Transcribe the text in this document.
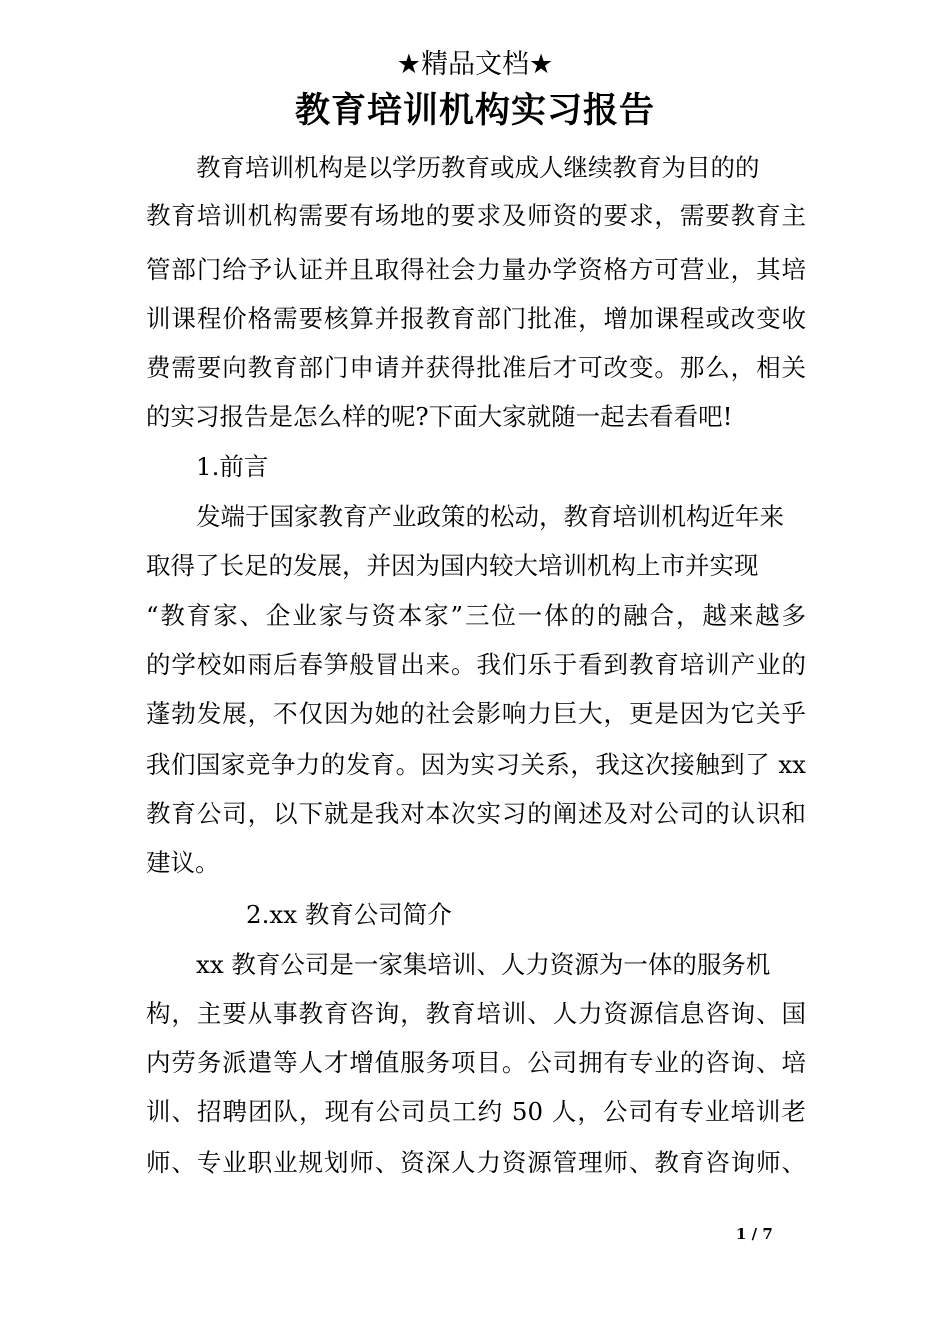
★精品文档★
教育培训机构实习报告
教育培训机构是以学历教育或成人继续教育为目的的
教育培训机构需要有场地的要求及师资的要求，需要教育主
管部门给予认证并且取得社会力量办学资格方可营业，其培
训课程价格需要核算并报教育部门批准，增加课程或改变收
费需要向教育部门申请并获得批准后才可改变。那么，相关
的实习报告是怎么样的呢?下面大家就随一起去看看吧!
1.前言
发端于国家教育产业政策的松动，教育培训机构近年来
取得了长足的发展，并因为国内较大培训机构上市并实现
“教育家、企业家与资本家”三位一体的的融合，越来越多
的学校如雨后春笋般冒出来。我们乐于看到教育培训产业的
蓬勃发展，不仅因为她的社会影响力巨大，更是因为它关乎
我们国家竞争力的发育。因为实习关系，我这次接触到了 xx
教育公司，以下就是我对本次实习的阐述及对公司的认识和
建议。
2.xx 教育公司简介
xx 教育公司是一家集培训、人力资源为一体的服务机
构，主要从事教育咨询，教育培训、人力资源信息咨询、国
内劳务派遣等人才增值服务项目。公司拥有专业的咨询、培
训、招聘团队，现有公司员工约 50 人，公司有专业培训老
师、专业职业规划师、资深人力资源管理师、教育咨询师、
1 / 7
